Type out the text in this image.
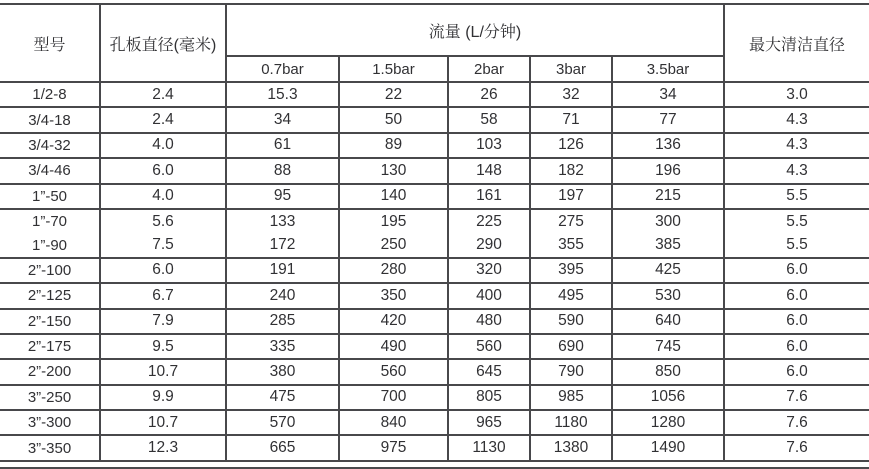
型号	孔板直径(毫米)	流量 (L/分钟)					最大清洁直径
		0.7bar	1.5bar	2bar	3bar	3.5bar	
1/2-8	2.4	15.3	22	26	32	34	3.0
3/4-18	2.4	34	50	58	71	77	4.3
3/4-32	4.0	61	89	103	126	136	4.3
3/4-46	6.0	88	130	148	182	196	4.3
1”-50	4.0	95	140	161	197	215	5.5
1”-70	5.6	133	195	225	275	300	5.5
1”-90	7.5	172	250	290	355	385	5.5
2”-100	6.0	191	280	320	395	425	6.0
2”-125	6.7	240	350	400	495	530	6.0
2”-150	7.9	285	420	480	590	640	6.0
2”-175	9.5	335	490	560	690	745	6.0
2”-200	10.7	380	560	645	790	850	6.0
3”-250	9.9	475	700	805	985	1056	7.6
3”-300	10.7	570	840	965	1180	1280	7.6
3”-350	12.3	665	975	1130	1380	1490	7.6
